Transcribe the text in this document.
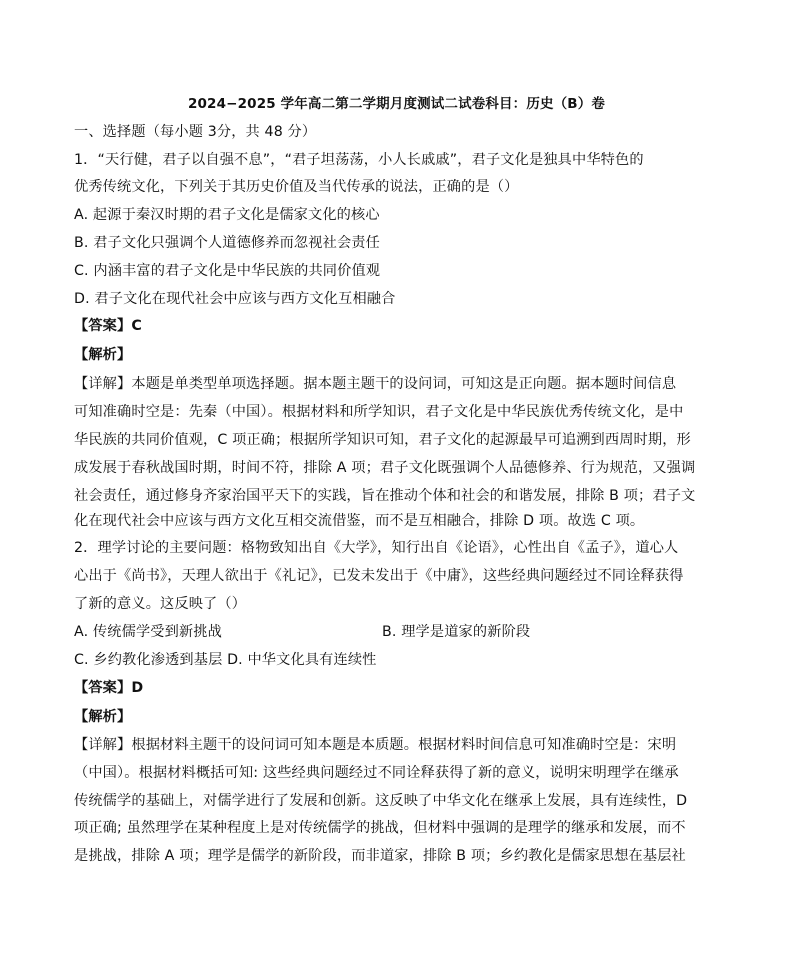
2024−2025 学年高二第二学期月度测试二试卷科目：历史（B）卷
一、选择题（每小题 3分，共 48 分）
1．“天行健，君子以自强不息”，“君子坦荡荡，小人长戚戚”，君子文化是独具中华特色的
优秀传统文化，下列关于其历史价值及当代传承的说法，正确的是（）
A. 起源于秦汉时期的君子文化是儒家文化的核心
B. 君子文化只强调个人道德修养而忽视社会责任
C. 内涵丰富的君子文化是中华民族的共同价值观
D. 君子文化在现代社会中应该与西方文化互相融合
【答案】C
【解析】
【详解】本题是单类型单项选择题。据本题主题干的设问词，可知这是正向题。据本题时间信息
可知准确时空是：先秦（中国）。根据材料和所学知识，君子文化是中华民族优秀传统文化，是中
华民族的共同价值观，C 项正确；根据所学知识可知，君子文化的起源最早可追溯到西周时期，形
成发展于春秋战国时期，时间不符，排除 A 项；君子文化既强调个人品德修养、行为规范，又强调
社会责任，通过修身齐家治国平天下的实践，旨在推动个体和社会的和谐发展，排除 B 项；君子文
化在现代社会中应该与西方文化互相交流借鉴，而不是互相融合，排除 D 项。故选 C 项。
2．理学讨论的主要问题：格物致知出自《大学》，知行出自《论语》，心性出自《孟子》，道心人
心出于《尚书》，天理人欲出于《礼记》，已发未发出于《中庸》，这些经典问题经过不同诠释获得
了新的意义。这反映了（）
A. 传统儒学受到新挑战	B. 理学是道家的新阶段
C. 乡约教化渗透到基层 D. 中华文化具有连续性
【答案】D
【解析】
【详解】根据材料主题干的设问词可知本题是本质题。根据材料时间信息可知准确时空是：宋明
（中国）。根据材料概括可知: 这些经典问题经过不同诠释获得了新的意义，说明宋明理学在继承
传统儒学的基础上，对儒学进行了发展和创新。这反映了中华文化在继承上发展，具有连续性，D
项正确; 虽然理学在某种程度上是对传统儒学的挑战，但材料中强调的是理学的继承和发展，而不
是挑战，排除 A 项；理学是儒学的新阶段，而非道家，排除 B 项；乡约教化是儒家思想在基层社
